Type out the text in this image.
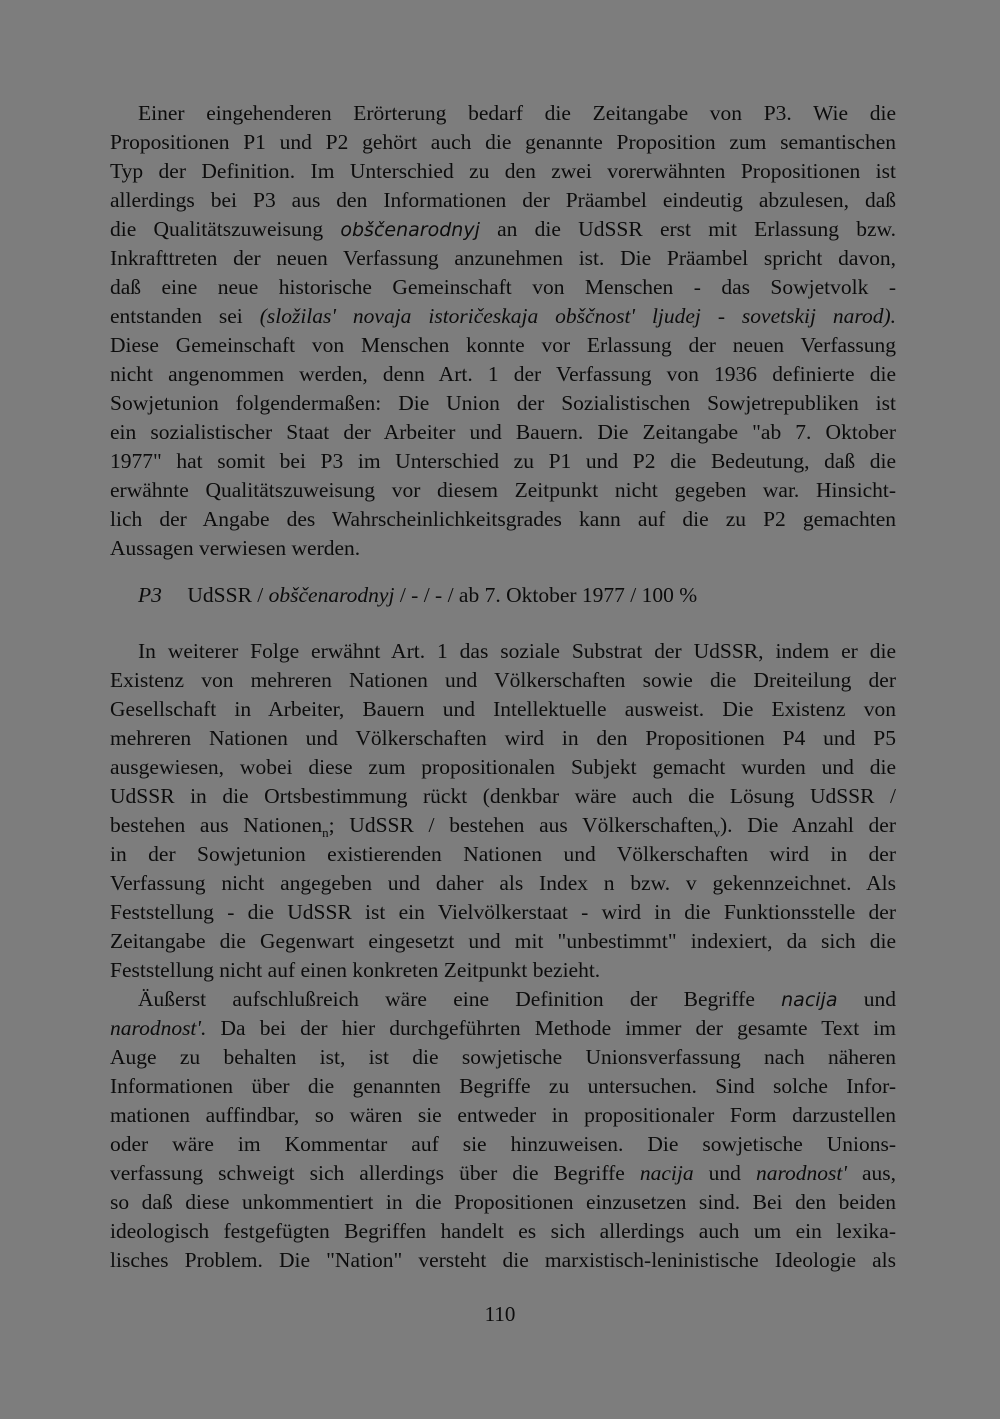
Einer eingehenderen Erörterung bedarf die Zeitangabe von P3. Wie die
Propositionen P1 und P2 gehört auch die genannte Proposition zum semantischen
Typ der Definition. Im Unterschied zu den zwei vorerwähnten Propositionen ist
allerdings bei P3 aus den Informationen der Präambel eindeutig abzulesen, daß
die Qualitätszuweisung obščenarodnyj an die UdSSR erst mit Erlassung bzw.
Inkrafttreten der neuen Verfassung anzunehmen ist. Die Präambel spricht davon,
daß eine neue historische Gemeinschaft von Menschen - das Sowjetvolk -
entstanden sei (složilas' novaja istoričeskaja obščnost' ljudej - sovetskij narod).
Diese Gemeinschaft von Menschen konnte vor Erlassung der neuen Verfassung
nicht angenommen werden, denn Art. 1 der Verfassung von 1936 definierte die
Sowjetunion folgendermaßen: Die Union der Sozialistischen Sowjetrepubliken ist
ein sozialistischer Staat der Arbeiter und Bauern. Die Zeitangabe "ab 7. Oktober
1977" hat somit bei P3 im Unterschied zu P1 und P2 die Bedeutung, daß die
erwähnte Qualitätszuweisung vor diesem Zeitpunkt nicht gegeben war. Hinsicht-
lich der Angabe des Wahrscheinlichkeitsgrades kann auf die zu P2 gemachten
Aussagen verwiesen werden.
P3 UdSSR / obščenarodnyj / - / - / ab 7. Oktober 1977 / 100 %
In weiterer Folge erwähnt Art. 1 das soziale Substrat der UdSSR, indem er die
Existenz von mehreren Nationen und Völkerschaften sowie die Dreiteilung der
Gesellschaft in Arbeiter, Bauern und Intellektuelle ausweist. Die Existenz von
mehreren Nationen und Völkerschaften wird in den Propositionen P4 und P5
ausgewiesen, wobei diese zum propositionalen Subjekt gemacht wurden und die
UdSSR in die Ortsbestimmung rückt (denkbar wäre auch die Lösung UdSSR /
bestehen aus Nationen$_n$; UdSSR / bestehen aus Völkerschaften$_v$). Die Anzahl der
in der Sowjetunion existierenden Nationen und Völkerschaften wird in der
Verfassung nicht angegeben und daher als Index n bzw. v gekennzeichnet. Als
Feststellung - die UdSSR ist ein Vielvölkerstaat - wird in die Funktionsstelle der
Zeitangabe die Gegenwart eingesetzt und mit "unbestimmt" indexiert, da sich die
Feststellung nicht auf einen konkreten Zeitpunkt bezieht.
Äußerst aufschlußreich wäre eine Definition der Begriffe nacija und
narodnost'. Da bei der hier durchgeführten Methode immer der gesamte Text im
Auge zu behalten ist, ist die sowjetische Unionsverfassung nach näheren
Informationen über die genannten Begriffe zu untersuchen. Sind solche Infor-
mationen auffindbar, so wären sie entweder in propositionaler Form darzustellen
oder wäre im Kommentar auf sie hinzuweisen. Die sowjetische Unions-
verfassung schweigt sich allerdings über die Begriffe nacija und narodnost' aus,
so daß diese unkommentiert in die Propositionen einzusetzen sind. Bei den beiden
ideologisch festgefügten Begriffen handelt es sich allerdings auch um ein lexika-
lisches Problem. Die "Nation" versteht die marxistisch-leninistische Ideologie als
110
